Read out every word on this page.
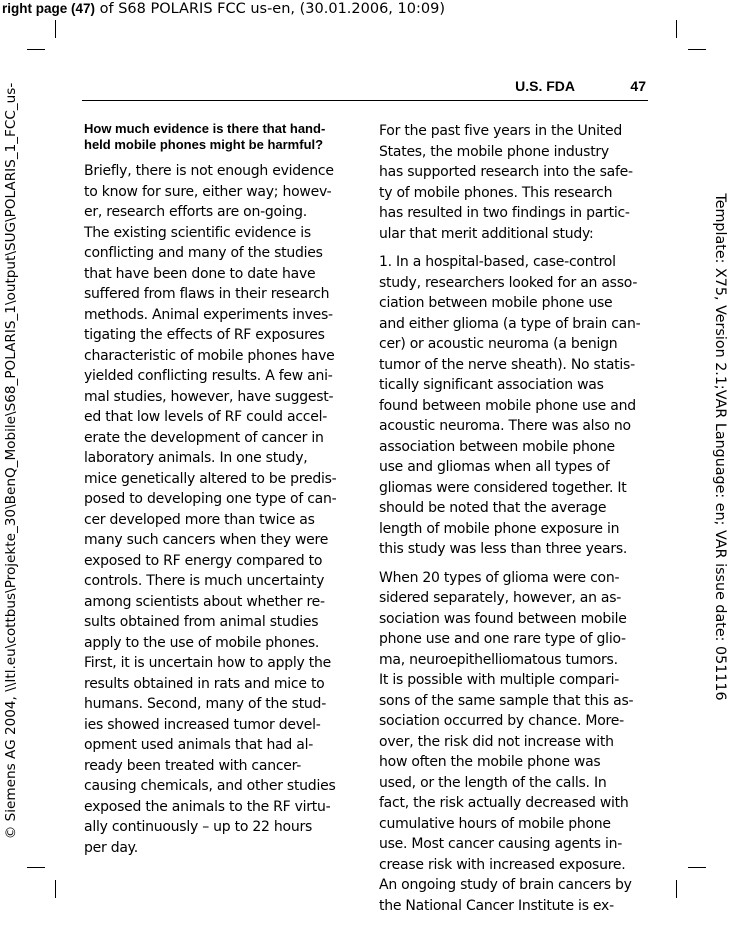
right page (47) of S68 POLARIS FCC us-en, (30.01.2006, 10:09)
© Siemens AG 2004, \\Itl.eu\cottbus\Projekte_30\BenQ_Mobile\S68_POLARIS_1\output\SUG\POLARIS_1_FCC_us-	Template: X75, Version 2.1;VAR Language: en; VAR issue date: 051116
U.S. FDA	47
How much evidence is there that hand-
held mobile phones might be harmful?
Briefly, there is not enough evidence
to know for sure, either way; howev-
er, research efforts are on-going.
The existing scientific evidence is
conflicting and many of the studies
that have been done to date have
suffered from flaws in their research
methods. Animal experiments inves-
tigating the effects of RF exposures
characteristic of mobile phones have
yielded conflicting results. A few ani-
mal studies, however, have suggest-
ed that low levels of RF could accel-
erate the development of cancer in
laboratory animals. In one study,
mice genetically altered to be predis-
posed to developing one type of can-
cer developed more than twice as
many such cancers when they were
exposed to RF energy compared to
controls. There is much uncertainty
among scientists about whether re-
sults obtained from animal studies
apply to the use of mobile phones.
First, it is uncertain how to apply the
results obtained in rats and mice to
humans. Second, many of the stud-
ies showed increased tumor devel-
opment used animals that had al-
ready been treated with cancer-
causing chemicals, and other studies
exposed the animals to the RF virtu-
ally continuously – up to 22 hours
per day.
For the past five years in the United
States, the mobile phone industry
has supported research into the safe-
ty of mobile phones. This research
has resulted in two findings in partic-
ular that merit additional study:
1. In a hospital-based, case-control
study, researchers looked for an asso-
ciation between mobile phone use
and either glioma (a type of brain can-
cer) or acoustic neuroma (a benign
tumor of the nerve sheath). No statis-
tically significant association was
found between mobile phone use and
acoustic neuroma. There was also no
association between mobile phone
use and gliomas when all types of
gliomas were considered together. It
should be noted that the average
length of mobile phone exposure in
this study was less than three years.
When 20 types of glioma were con-
sidered separately, however, an as-
sociation was found between mobile
phone use and one rare type of glio-
ma, neuroepithelliomatous tumors.
It is possible with multiple compari-
sons of the same sample that this as-
sociation occurred by chance. More-
over, the risk did not increase with
how often the mobile phone was
used, or the length of the calls. In
fact, the risk actually decreased with
cumulative hours of mobile phone
use. Most cancer causing agents in-
crease risk with increased exposure.
An ongoing study of brain cancers by
the National Cancer Institute is ex-
